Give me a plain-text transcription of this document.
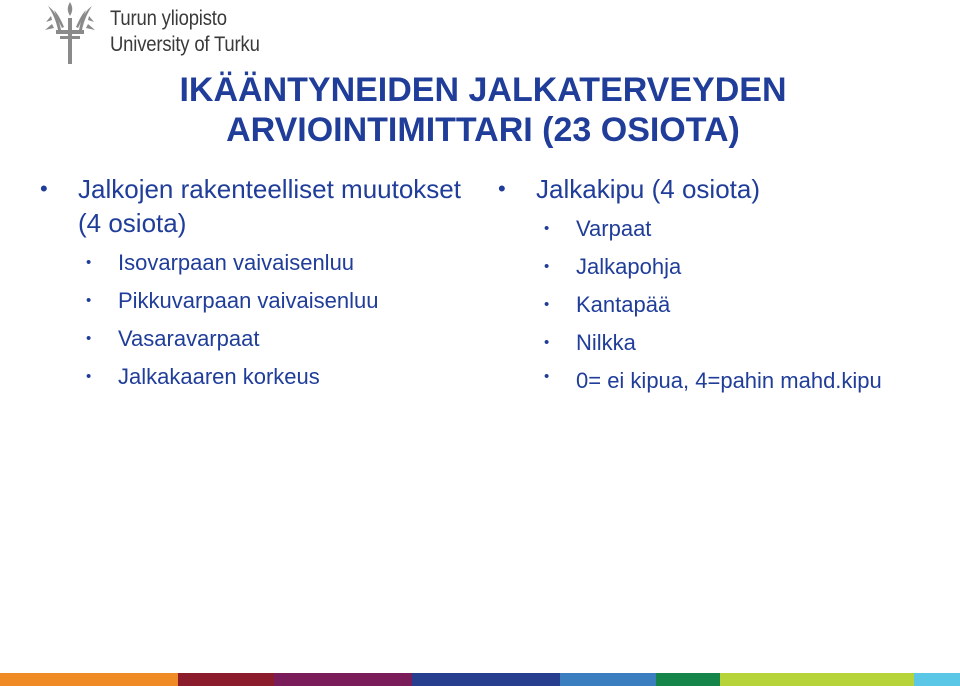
Turun yliopisto
University of Turku
IKÄÄNTYNEIDEN JALKATERVEYDEN
ARVIOINTIMITTARI (23 OSIOTA)
• Jalkojen rakenteelliset muutokset (4 osiota)
• Isovarpaan vaivaisenluu
• Pikkuvarpaan vaivaisenluu
• Vasaravarpaat
• Jalkakaaren korkeus
• Jalkakipu (4 osiota)
• Varpaat
• Jalkapohja
• Kantapää
• Nilkka
• 0= ei kipua, 4=pahin mahd.kipu
